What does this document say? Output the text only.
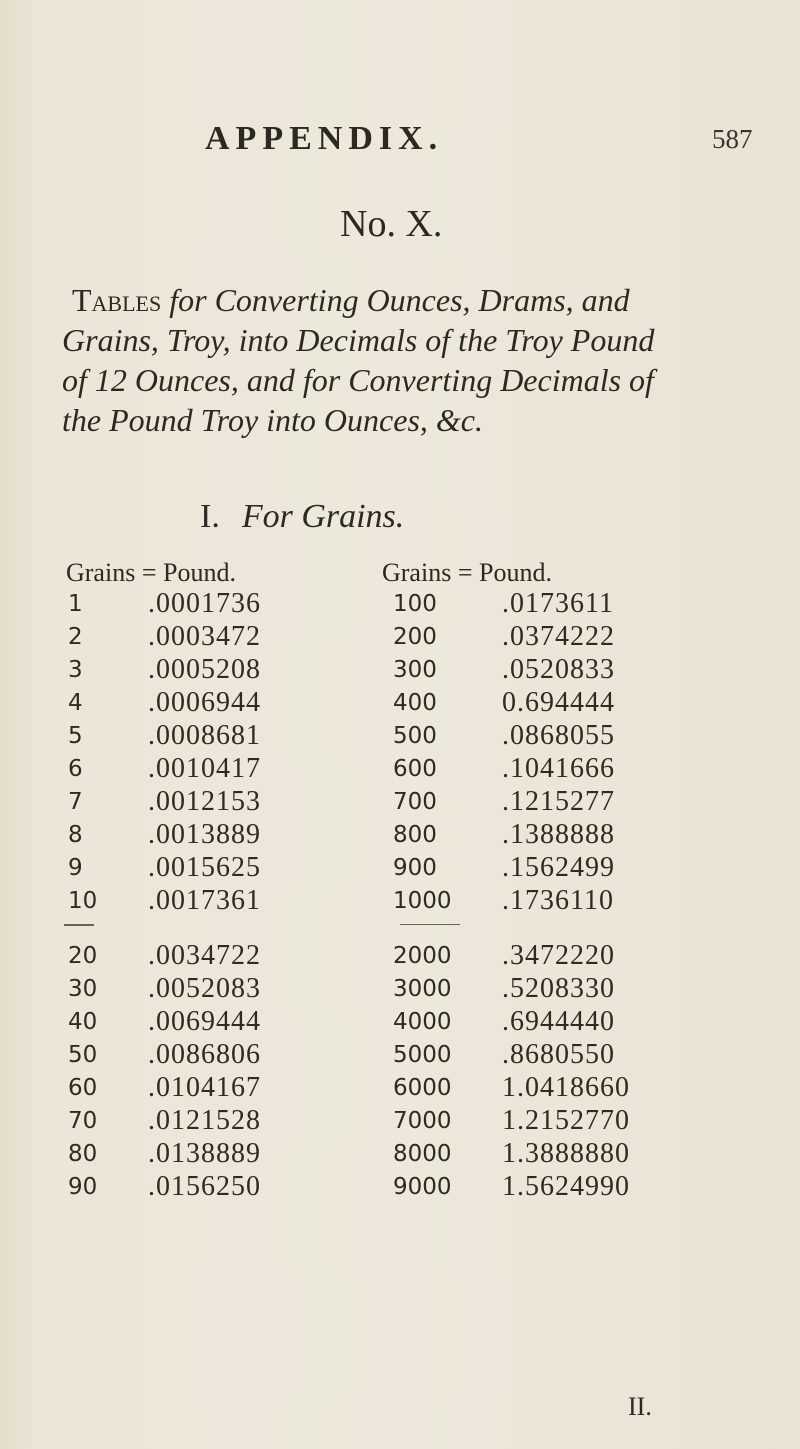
APPENDIX.	587
No. X.
Tables for Converting Ounces, Drams, and
Grains, Troy, into Decimals of the Troy Pound
of 12 Ounces, and for Converting Decimals of
the Pound Troy into Ounces, &c.
I. For Grains.
Grains = Pound.	Grains = Pound.
1 .0001736
2 .0003472
3 .0005208
4 .0006944
5 .0008681
6 .0010417
7 .0012153
8 .0013889
9 .0015625
10 .0017361
20 .0034722
30 .0052083
40 .0069444
50 .0086806
60 .0104167
70 .0121528
80 .0138889
90 .0156250
100 .0173611
200 .0374222
300 .0520833
400 0.694444
500 .0868055
600 .1041666
700 .1215277
800 .1388888
900 .1562499
1000 .1736110
2000 .3472220
3000 .5208330
4000 .6944440
5000 .8680550
6000 1.0418660
7000 1.2152770
8000 1.3888880
9000 1.5624990
II.
